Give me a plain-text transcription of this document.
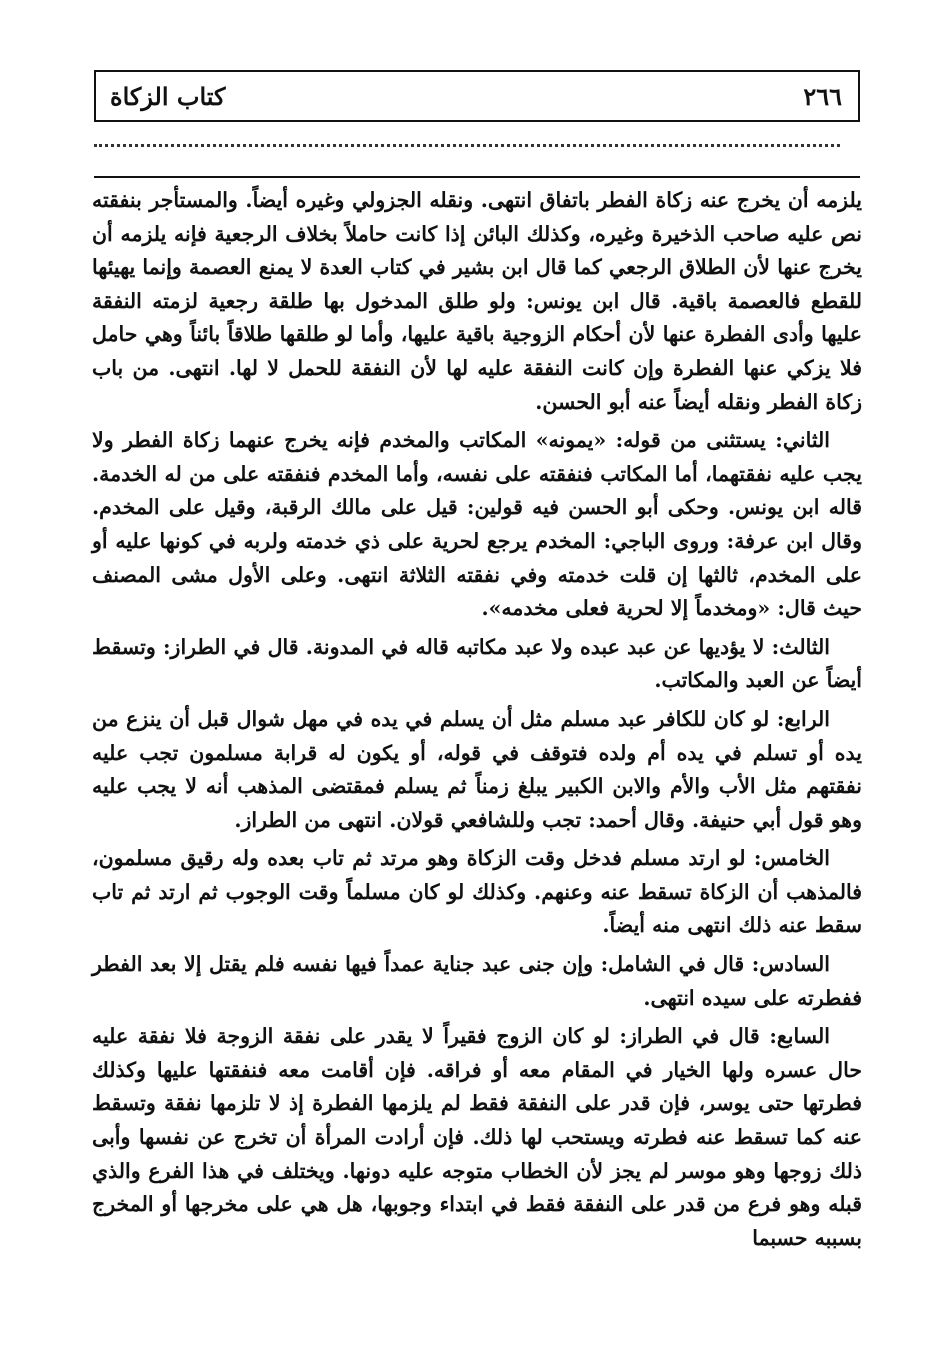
٢٦٦
كتاب الزكاة

يلزمه أن يخرج عنه زكاة الفطر باتفاق انتهى. ونقله الجزولي وغيره أيضاً. والمستأجر بنفقته نص عليه صاحب الذخيرة وغيره، وكذلك البائن إذا كانت حاملاً بخلاف الرجعية فإنه يلزمه أن يخرج عنها لأن الطلاق الرجعي كما قال ابن بشير في كتاب العدة لا يمنع العصمة وإنما يهيئها للقطع فالعصمة باقية. قال ابن يونس: ولو طلق المدخول بها طلقة رجعية لزمته النفقة عليها وأدى الفطرة عنها لأن أحكام الزوجية باقية عليها، وأما لو طلقها طلاقاً بائناً وهي حامل فلا يزكي عنها الفطرة وإن كانت النفقة عليه لها لأن النفقة للحمل لا لها. انتهى. من باب زكاة الفطر ونقله أيضاً عنه أبو الحسن.

الثاني: يستثنى من قوله: «يمونه» المكاتب والمخدم فإنه يخرج عنهما زكاة الفطر ولا يجب عليه نفقتهما، أما المكاتب فنفقته على نفسه، وأما المخدم فنفقته على من له الخدمة. قاله ابن يونس. وحكى أبو الحسن فيه قولين: قيل على مالك الرقبة، وقيل على المخدم. وقال ابن عرفة: وروى الباجي: المخدم يرجع لحرية على ذي خدمته ولربه في كونها عليه أو على المخدم، ثالثها إن قلت خدمته وفي نفقته الثلاثة انتهى. وعلى الأول مشى المصنف حيث قال: «ومخدماً إلا لحرية فعلى مخدمه».

الثالث: لا يؤديها عن عبد عبده ولا عبد مكاتبه قاله في المدونة. قال في الطراز: وتسقط أيضاً عن العبد والمكاتب.

الرابع: لو كان للكافر عبد مسلم مثل أن يسلم في يده في مهل شوال قبل أن ينزع من يده أو تسلم في يده أم ولده فتوقف في قوله، أو يكون له قرابة مسلمون تجب عليه نفقتهم مثل الأب والأم والابن الكبير يبلغ زمناً ثم يسلم فمقتضى المذهب أنه لا يجب عليه وهو قول أبي حنيفة. وقال أحمد: تجب وللشافعي قولان. انتهى من الطراز.

الخامس: لو ارتد مسلم فدخل وقت الزكاة وهو مرتد ثم تاب بعده وله رقيق مسلمون، فالمذهب أن الزكاة تسقط عنه وعنهم. وكذلك لو كان مسلماً وقت الوجوب ثم ارتد ثم تاب سقط عنه ذلك انتهى منه أيضاً.

السادس: قال في الشامل: وإن جنى عبد جناية عمداً فيها نفسه فلم يقتل إلا بعد الفطر ففطرته على سيده انتهى.

السابع: قال في الطراز: لو كان الزوج فقيراً لا يقدر على نفقة الزوجة فلا نفقة عليه حال عسره ولها الخيار في المقام معه أو فراقه. فإن أقامت معه فنفقتها عليها وكذلك فطرتها حتى يوسر، فإن قدر على النفقة فقط لم يلزمها الفطرة إذ لا تلزمها نفقة وتسقط عنه كما تسقط عنه فطرته ويستحب لها ذلك. فإن أرادت المرأة أن تخرج عن نفسها وأبى ذلك زوجها وهو موسر لم يجز لأن الخطاب متوجه عليه دونها. ويختلف في هذا الفرع والذي قبله وهو فرع من قدر على النفقة فقط في ابتداء وجوبها، هل هي على مخرجها أو المخرج بسببه حسبما
